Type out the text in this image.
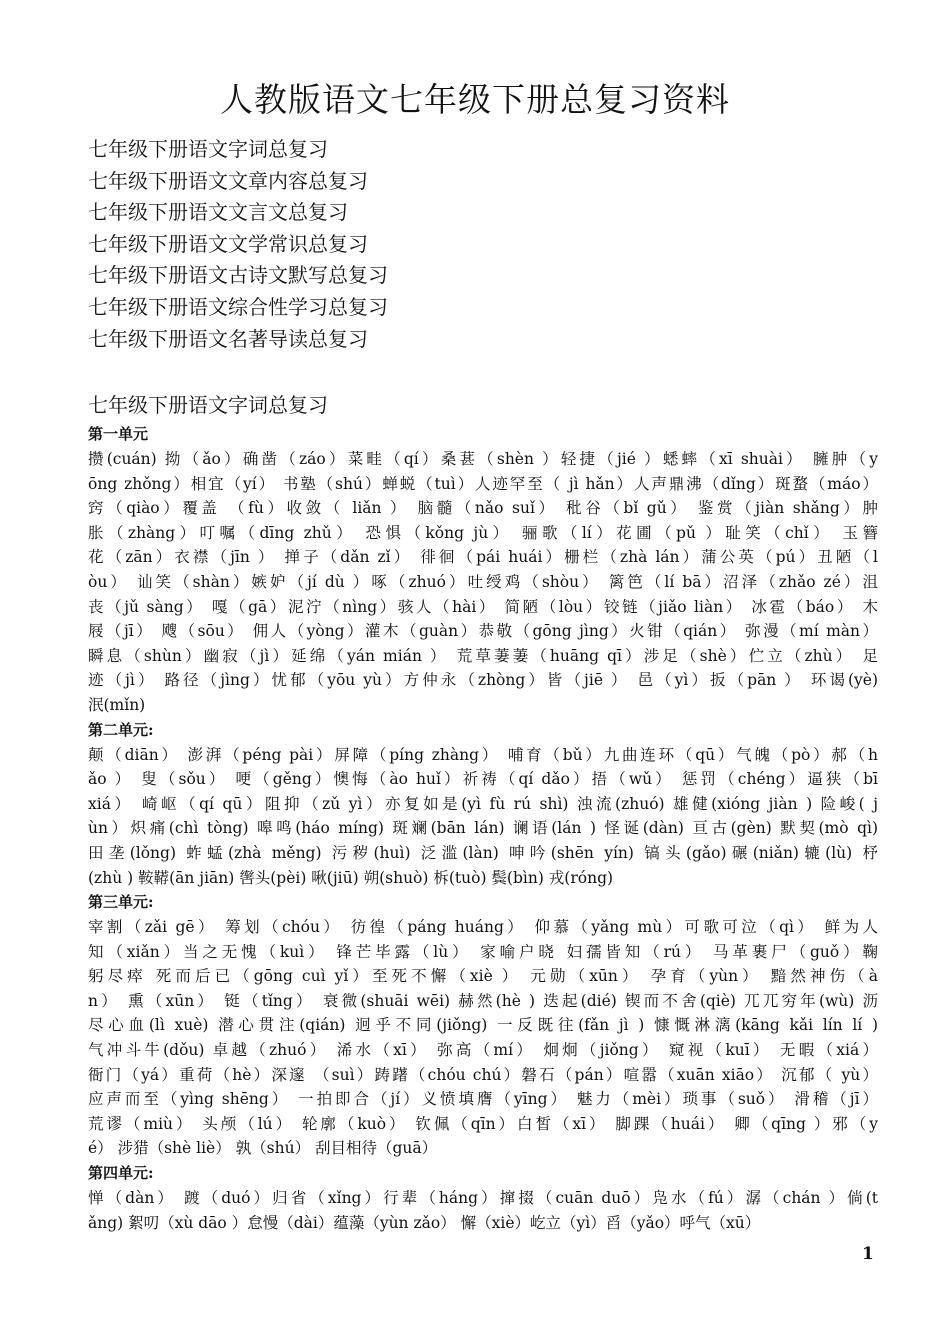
人教版语文七年级下册总复习资料
七年级下册语文字词总复习
七年级下册语文文章内容总复习
七年级下册语文文言文总复习
七年级下册语文文学常识总复习
七年级下册语文古诗文默写总复习
七年级下册语文综合性学习总复习
七年级下册语文名著导读总复习
七年级下册语文字词总复习
第一单元
攒(cuán) 拗（ǎo）确凿（záo）菜畦（qí）桑葚（shèn ）轻捷（jié ）蟋蟀（xī shuài） 臃肿（y
ōng zhǒng）相宜（yí） 书塾（shú）蝉蜕（tuì）人迹罕至（ jì hǎn）人声鼎沸（dǐng）斑蝥（máo）
窍（qiào）覆盖 （fù）收敛（ liǎn ） 脑髓（nǎo suǐ） 秕谷（bǐ gǔ） 鉴赏（jiàn shǎng）肿
胀（zhàng）叮嘱（dīng zhǔ） 恐惧（kǒng jù） 骊歌（lí）花圃（pǔ ）耻笑（chǐ） 玉簪
花（zān）衣襟（jīn ） 掸子（dǎn zǐ） 徘徊（pái huái）栅栏（zhà lán）蒲公英（pú）丑陋（l
òu） 讪笑（shàn）嫉妒（jí dù ）啄（zhuó）吐绶鸡（shòu） 篱笆（lí bā）沼泽（zhǎo zé）沮
丧（jǔ sàng） 嘎（gā）泥泞（nìng）骇人（hài） 简陋（lòu）铰链（jiǎo liàn） 冰雹（báo） 木
屐（jī） 飕（sōu） 佣人（yòng）灌木（guàn）恭敬（gōng jìng）火钳（qián） 弥漫（mí màn）
瞬息（shùn）幽寂（jì）延绵（yán mián ） 荒草萋萋（huāng qī）涉足（shè）伫立（zhù） 足
迹（jì） 路径（jìng）忧郁（yōu yù）方仲永（zhòng）皆（jiē ） 邑（yì）扳（pān ） 环谒(yè)
泯(mǐn)
第二单元:
颠（diān） 澎湃（péng pài）屏障（píng zhàng） 哺育（bǔ）九曲连环（qū）气魄（pò）郝（h
ǎo ） 叟（sǒu） 哽（gěng）懊悔（ào huǐ）祈祷（qí dǎo）捂（wǔ） 惩罚（chéng）逼狭（bī
xiá） 崎岖（qí qū）阻抑（zǔ yì）亦复如是(yì fù rú shì) 浊流(zhuó) 雄健(xióng jiàn ) 险峻( j
ùn）炽痛(chì tòng) 嗥鸣(háo míng) 斑斓(bān lán) 谰语(lán ) 怪诞(dàn) 亘古(gèn) 默契(mò qì)
田垄(lǒng) 蚱蜢(zhà měng) 污秽(huì) 泛滥(làn) 呻吟(shēn yín) 镐头(gǎo)碾(niǎn)辘(lù) 杼
(zhù ) 鞍鞯(ān jiān) 辔头(pèi) 啾(jiū) 朔(shuò) 柝(tuò) 鬓(bìn) 戎(róng)
第三单元:
宰割（zǎi gē） 筹划（chóu） 彷徨（páng huáng） 仰慕（yǎng mù）可歌可泣（qì） 鲜为人
知（xiǎn）当之无愧（kuì） 锋芒毕露（lù） 家喻户晓 妇孺皆知（rú） 马革裹尸（guǒ）鞠
躬尽瘁 死而后已（gōng cuì yǐ）至死不懈（xiè ） 元勋（xūn） 孕育（yùn） 黯然神伤（à
n） 熏（xūn） 铤（tǐng） 衰微(shuāi wēi) 赫然(hè ) 迭起(dié) 锲而不舍(qiè) 兀兀穷年(wù) 沥
尽心血(lì xuè) 潜心贯注(qián) 迥乎不同(jiǒng) 一反既往(fǎn jì ) 慷慨淋漓(kāng kǎi lín lí )
气冲斗牛(dǒu) 卓越（zhuó） 浠水（xī） 弥高（mí） 炯炯（jiǒng） 窥视（kuī） 无暇（xiá）
衙门（yá）重荷（hè）深邃 （suì）踌躇（chóu chú）磐石（pán）喧嚣（xuān xiāo） 沉郁（ yù）
应声而至（yìng shēng） 一拍即合（jí）义愤填膺（yīng） 魅力（mèi）琐事（suǒ） 滑稽（jī）
荒谬（miù） 头颅（lú） 轮廓（kuò） 钦佩（qīn）白皙（xī） 脚踝（huái） 卿（qīng ）邪（y
é） 涉猎（shè liè） 孰（shú） 刮目相待（guā）
第四单元:
惮（dàn） 踱（duó）归省（xǐng）行辈（háng）撺掇（cuān duō）凫水（fú）潺（chán ）倘(t
ǎng) 絮叨（xù dāo ）怠慢（dài）蕴藻（yùn zǎo） 懈（xiè）屹立（yì）舀（yǎo）呼气（xū）
1
